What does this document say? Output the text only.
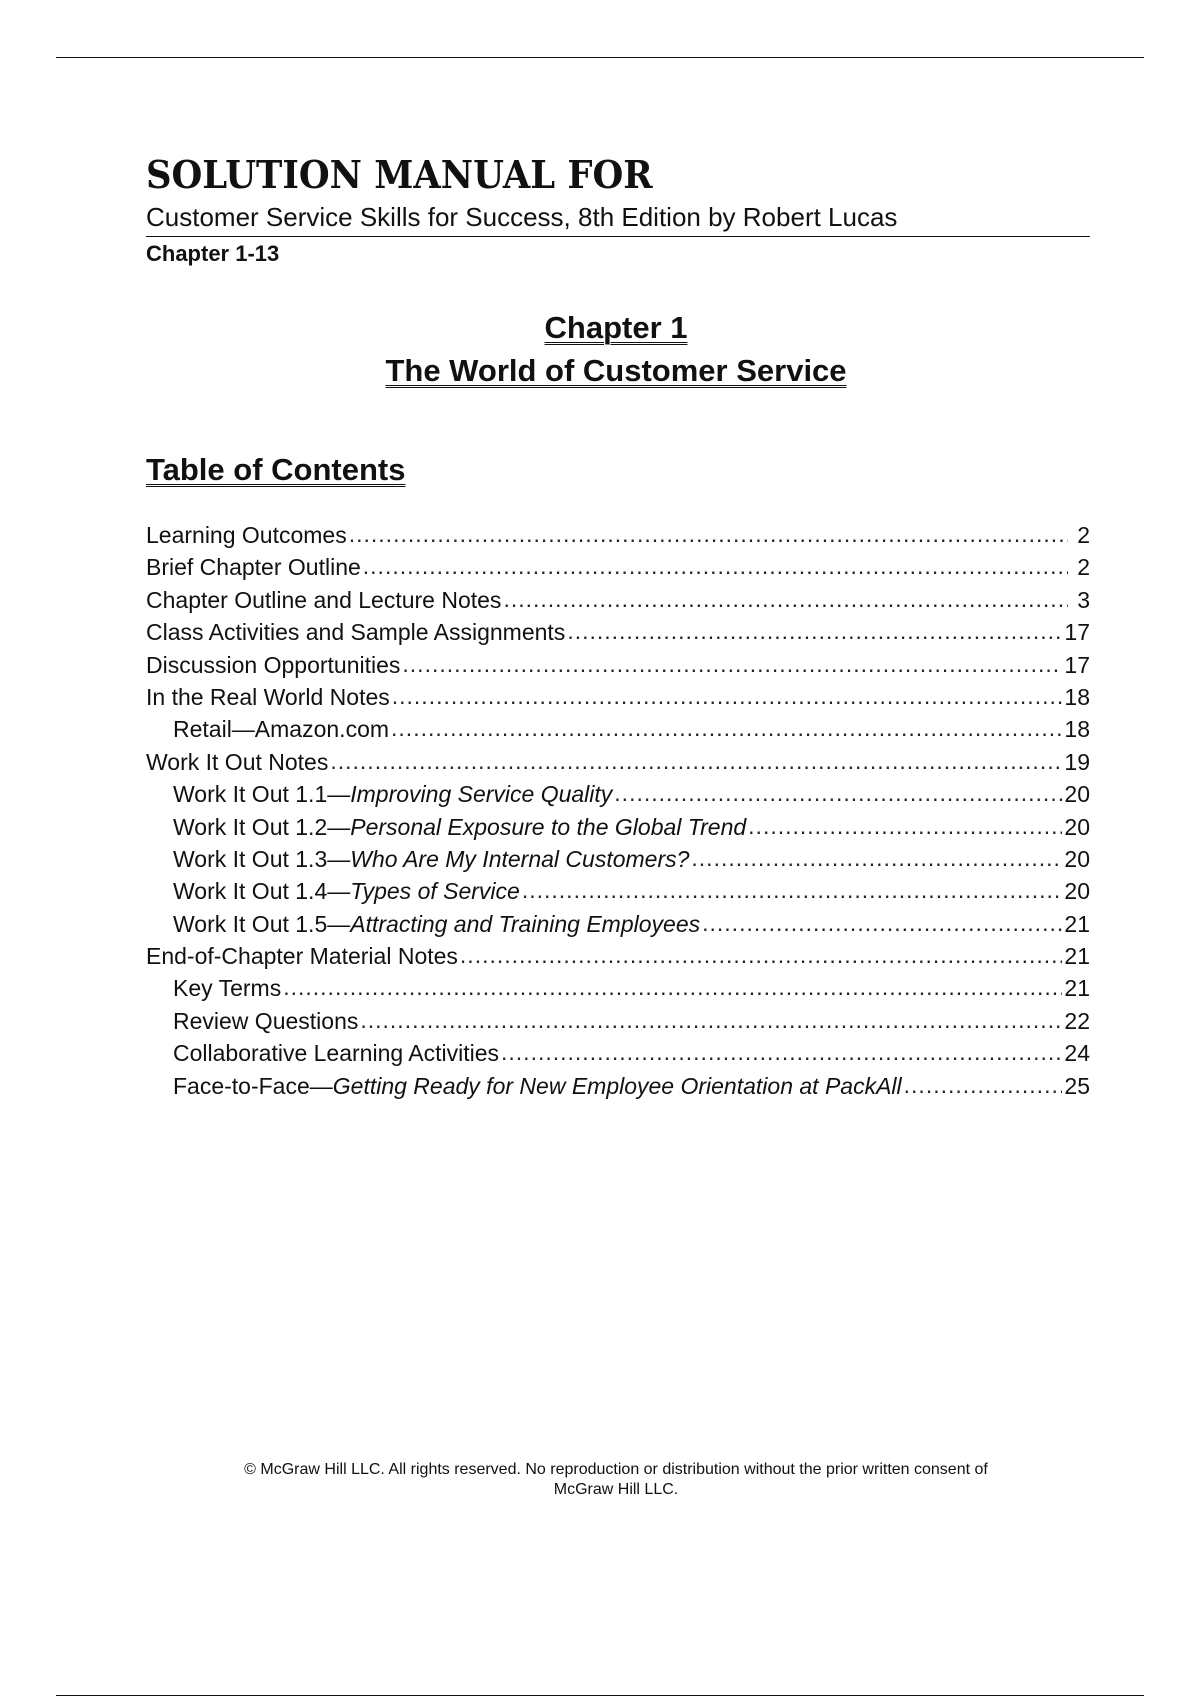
SOLUTION MANUAL FOR
Customer Service Skills for Success, 8th Edition by Robert Lucas
Chapter 1-13
Chapter 1
The World of Customer Service
Table of Contents
Learning Outcomes .....	2
Brief Chapter Outline .....	2
Chapter Outline and Lecture Notes .....	3
Class Activities and Sample Assignments .....	17
Discussion Opportunities .....	17
In the Real World Notes .....	18
Retail—Amazon.com .....	18
Work It Out Notes .....	19
Work It Out 1.1—Improving Service Quality .....	20
Work It Out 1.2—Personal Exposure to the Global Trend .....	20
Work It Out 1.3—Who Are My Internal Customers? .....	20
Work It Out 1.4—Types of Service .....	20
Work It Out 1.5—Attracting and Training Employees .....	21
End-of-Chapter Material Notes .....	21
Key Terms .....	21
Review Questions .....	22
Collaborative Learning Activities .....	24
Face-to-Face—Getting Ready for New Employee Orientation at PackAll .....	25
© McGraw Hill LLC. All rights reserved. No reproduction or distribution without the prior written consent of
McGraw Hill LLC.
